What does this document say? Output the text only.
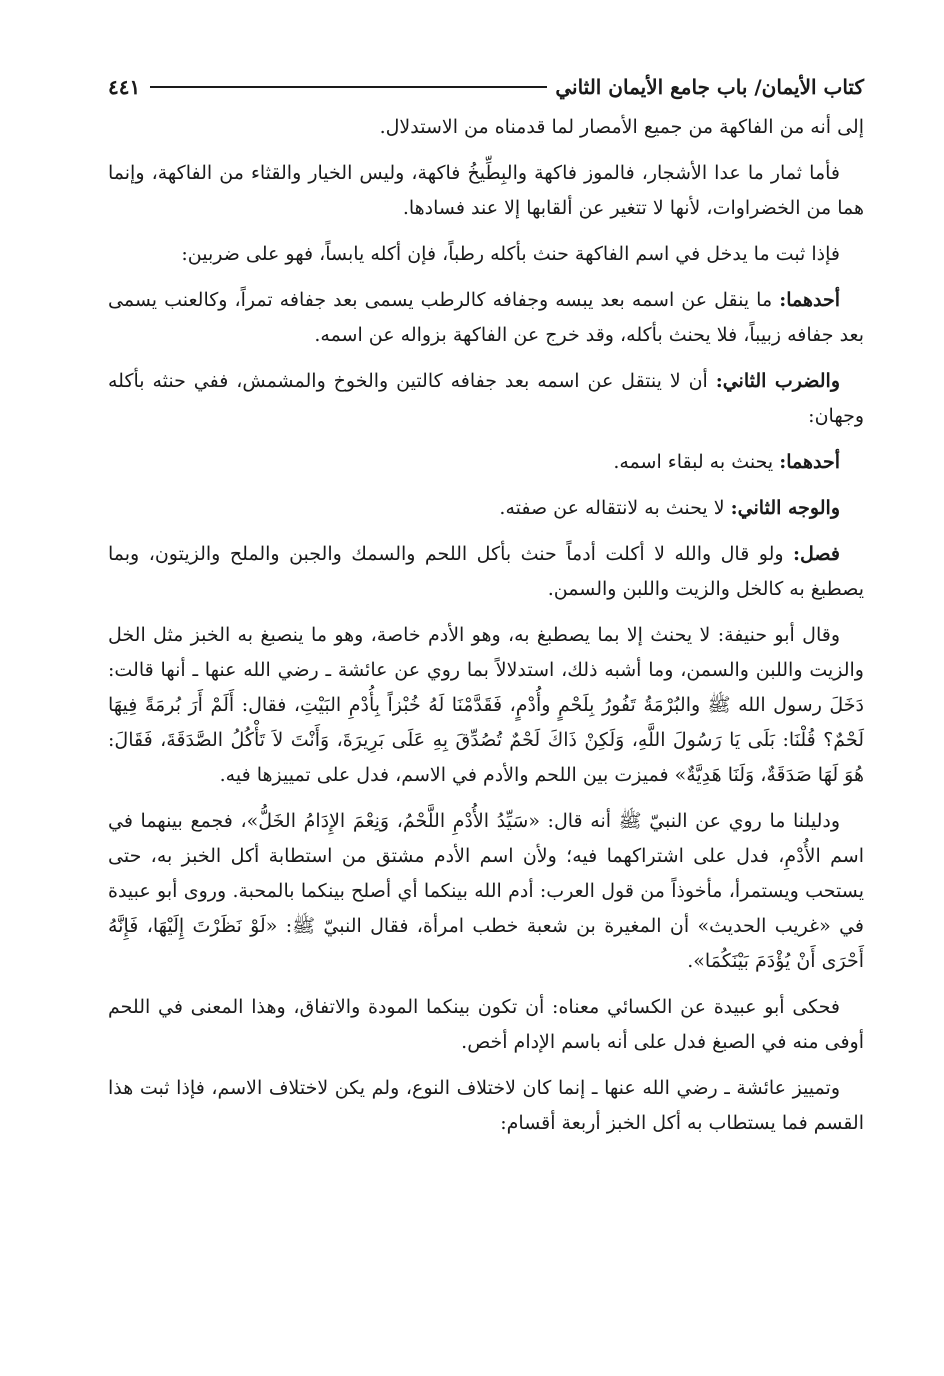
كتاب الأيمان/ باب جامع الأيمان الثاني
٤٤١

إلى أنه من الفاكهة من جميع الأمصار لما قدمناه من الاستدلال.

فأما ثمار ما عدا الأشجار، فالموز فاكهة والبِطِّيخُ فاكهة، وليس الخيار والقثاء من الفاكهة، وإنما هما من الخضراوات، لأنها لا تتغير عن ألقابها إلا عند فسادها.

فإذا ثبت ما يدخل في اسم الفاكهة حنث بأكله رطباً، فإن أكله يابساً، فهو على ضربين:

أحدهما: ما ينقل عن اسمه بعد يبسه وجفافه كالرطب يسمى بعد جفافه تمراً، وكالعنب يسمى بعد جفافه زبيباً، فلا يحنث بأكله، وقد خرج عن الفاكهة بزواله عن اسمه.

والضرب الثاني: أن لا ينتقل عن اسمه بعد جفافه كالتين والخوخ والمشمش، ففي حنثه بأكله وجهان:

أحدهما: يحنث به لبقاء اسمه.

والوجه الثاني: لا يحنث به لانتقاله عن صفته.

فصل: ولو قال والله لا أكلت أدماً حنث بأكل اللحم والسمك والجبن والملح والزيتون، وبما يصطبغ به كالخل والزيت واللبن والسمن.

وقال أبو حنيفة: لا يحنث إلا بما يصطبغ به، وهو الأدم خاصة، وهو ما ينصبغ به الخبز مثل الخل والزيت واللبن والسمن، وما أشبه ذلك، استدلالاً بما روي عن عائشة ـ رضي الله عنها ـ أنها قالت: دَخَلَ رسول الله ﷺ والبُرْمَةُ تَفُورُ بِلَحْمٍ وأُدْمٍ، فَقَدَّمْنَا لَهُ خُبْزاً بِأُدْمِ البَيْتِ، فقال: أَلَمْ أَرَ بُرمَةً فِيهَا لَحْمٌ؟ قُلْنَا: بَلَى يَا رَسُولَ اللَّهِ، وَلَكِنْ ذَاكَ لَحْمٌ تُصُدِّقَ بِهِ عَلَى بَرِيرَةَ، وَأَنْتَ لاَ تَأْكُلُ الصَّدَقَةَ، فَقَالَ: هُوَ لَهَا صَدَقَةٌ، وَلَنَا هَدِيَّةٌ» فميزت بين اللحم والأدم في الاسم، فدل على تمييزها فيه.

ودليلنا ما روي عن النبيّ ﷺ أنه قال: «سَيِّدُ الأُدْمِ اللَّحْمُ، وَنِعْمَ الإِدَامُ الخَلُّ»، فجمع بينهما في اسم الأُدْمِ، فدل على اشتراكهما فيه؛ ولأن اسم الأدم مشتق من استطابة أكل الخبز به، حتى يستحب ويستمرأ، مأخوذاً من قول العرب: أدم الله بينكما أي أصلح بينكما بالمحبة. وروى أبو عبيدة في «غريب الحديث» أن المغيرة بن شعبة خطب امرأة، فقال النبيّ ﷺ: «لَوْ نَظَرْتَ إِلَيْهَا، فَإِنَّهُ أَحْرَى أَنْ يُؤْدَمَ بَيْنَكُمَا».

فحكى أبو عبيدة عن الكسائي معناه: أن تكون بينكما المودة والاتفاق، وهذا المعنى في اللحم أوفى منه في الصبغ فدل على أنه باسم الإدام أخص.

وتمييز عائشة ـ رضي الله عنها ـ إنما كان لاختلاف النوع، ولم يكن لاختلاف الاسم، فإذا ثبت هذا القسم فما يستطاب به أكل الخبز أربعة أقسام:
